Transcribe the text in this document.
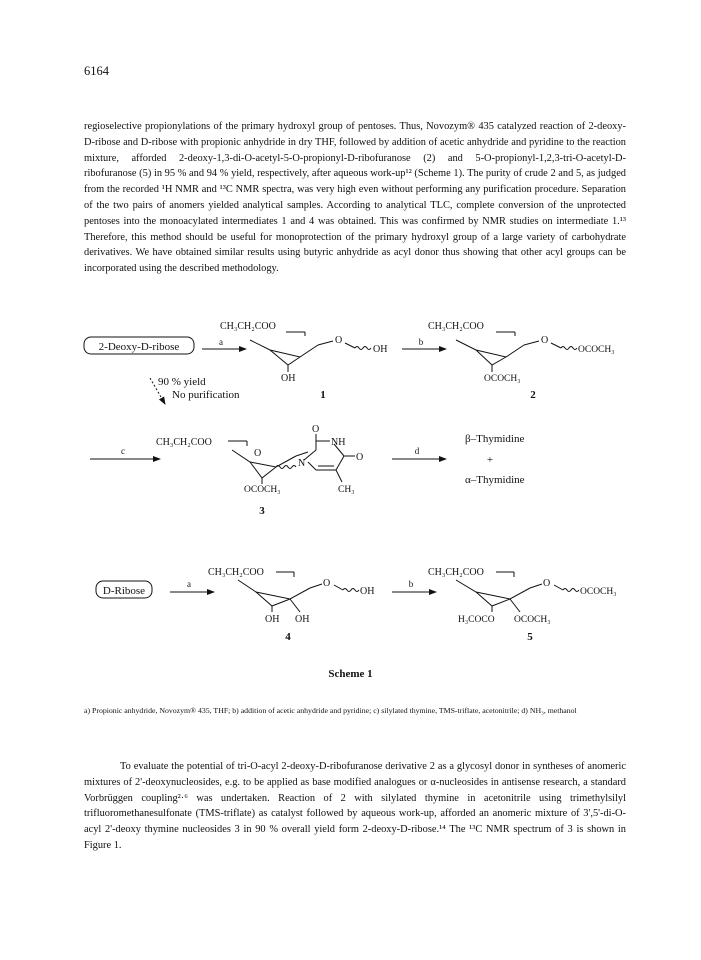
6164
regioselective propionylations of the primary hydroxyl group of pentoses. Thus, Novozym® 435 catalyzed reaction of 2-deoxy-D-ribose and D-ribose with propionic anhydride in dry THF, followed by addition of acetic anhydride and pyridine to the reaction mixture, afforded 2-deoxy-1,3-di-O-acetyl-5-O-propionyl-D-ribofuranose (2) and 5-O-propionyl-1,2,3-tri-O-acetyl-D-ribofuranose (5) in 95 % and 94 % yield, respectively, after aqueous work-up¹² (Scheme 1). The purity of crude 2 and 5, as judged from the recorded ¹H NMR and ¹³C NMR spectra, was very high even without performing any purification procedure. Separation of the two pairs of anomers yielded analytical samples. According to analytical TLC, complete conversion of the unprotected pentoses into the monoacylated intermediates 1 and 4 was obtained. This was confirmed by NMR studies on intermediate 1.¹³ Therefore, this method should be useful for monoprotection of the primary hydroxyl group of a large variety of carbohydrate derivatives. We have obtained similar results using butyric anhydride as acyl donor thus showing that other acyl groups can be incorporated using the described methodology.
2-Deoxy-D-ribose	a
CH₃CH₂COO
O
OH
OH
1
b
CH₃CH₂COO
O
OCOCH₃
OCOCH₃
2
90 % yield
No purification
c
CH₃CH₂COO
O
O
NH
N
O
OCOCH₃	CH₃
3
d
β–Thymidine
+
α–Thymidine
D-Ribose
a
CH₃CH₂COO
O
OH
OH OH
4
b
CH₃CH₂COO
O
OCOCH₃
H₃COCO OCOCH₃
5
Scheme 1
a) Propionic anhydride, Novozym® 435, THF; b) addition of acetic anhydride and pyridine; c) silylated thymine, TMS-triflate, acetonitrile; d) NH₃, methanol
To evaluate the potential of tri-O-acyl 2-deoxy-D-ribofuranose derivative 2 as a glycosyl donor in syntheses of anomeric mixtures of 2'-deoxynucleosides, e.g. to be applied as base modified analogues or α-nucleosides in antisense research, a standard Vorbrüggen coupling²·⁶ was undertaken. Reaction of 2 with silylated thymine in acetonitrile using trimethylsilyl trifluoromethanesulfonate (TMS-triflate) as catalyst followed by aqueous work-up, afforded an anomeric mixture of 3',5'-di-O-acyl 2'-deoxy thymine nucleosides 3 in 90 % overall yield form 2-deoxy-D-ribose.¹⁴ The ¹³C NMR spectrum of 3 is shown in Figure 1.
